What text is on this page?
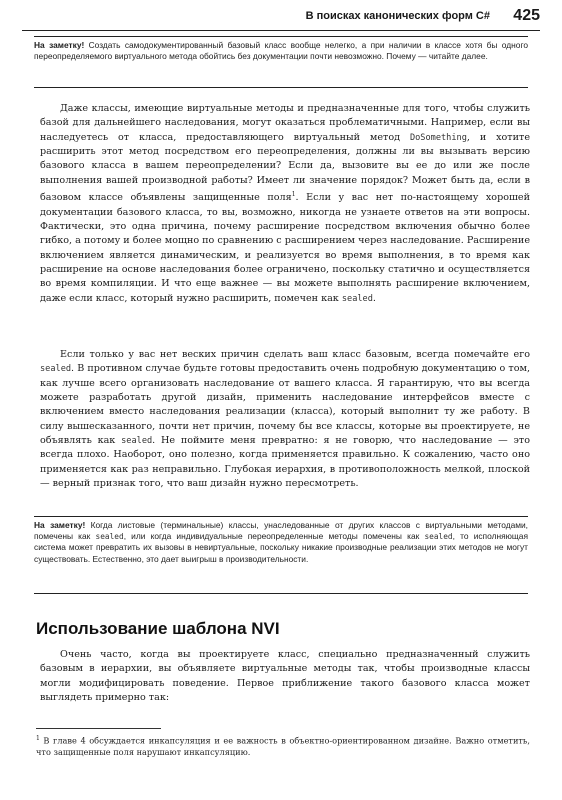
В поисках канонических форм C# 425
На заметку! Создать самодокументированный базовый класс вообще нелегко, а при наличии в классе хотя бы одного переопределяемого виртуального метода обойтись без документации почти невозможно. Почему — читайте далее.

Даже классы, имеющие виртуальные методы и предназначенные для того, чтобы служить базой для дальнейшего наследования, могут оказаться проблематичными. Например, если вы наследуетесь от класса, предоставляющего виртуальный метод DoSomething, и хотите расширить этот метод посредством его переопределения, должны ли вы вызывать версию базового класса в вашем переопределении? Если да, вызовите вы ее до или же после выполнения вашей производной работы? Имеет ли значение порядок? Может быть да, если в базовом классе объявлены защищенные поля$^1$. Если у вас нет по-настоящему хорошей документации базового класса, то вы, возможно, никогда не узнаете ответов на эти вопросы. Фактически, это одна причина, почему расширение посредством включения обычно более гибко, а потому и более мощно по сравнению с расширением через наследование. Расширение включением является динамическим, и реализуется во время выполнения, в то время как расширение на основе наследования более ограничено, поскольку статично и осуществляется во время компиляции. И что еще важнее — вы можете выполнять расширение включением, даже если класс, который нужно расширить, помечен как sealed.

Если только у вас нет веских причин сделать ваш класс базовым, всегда помечайте его sealed. В противном случае будьте готовы предоставить очень подробную документацию о том, как лучше всего организовать наследование от вашего класса. Я гарантирую, что вы всегда можете разработать другой дизайн, применить наследование интерфейсов вместе с включением вместо наследования реализации (класса), который выполнит ту же работу. В силу вышесказанного, почти нет причин, почему бы все классы, которые вы проектируете, не объявлять как sealed. Не поймите меня превратно: я не говорю, что наследование — это всегда плохо. Наоборот, оно полезно, когда применяется правильно. К сожалению, часто оно применяется как раз неправильно. Глубокая иерархия, в противоположность мелкой, плоской — верный признак того, что ваш дизайн нужно пересмотреть.

На заметку! Когда листовые (терминальные) классы, унаследованные от других классов с виртуальными методами, помечены как sealed, или когда индивидуальные переопределенные методы помечены как sealed, то исполняющая система может превратить их вызовы в невиртуальные, поскольку никакие производные реализации этих методов не могут существовать. Естественно, это дает выигрыш в производительности.
Использование шаблона NVI

Очень часто, когда вы проектируете класс, специально предназначенный служить базовым в иерархии, вы объявляете виртуальные методы так, чтобы производные классы могли модифицировать поведение. Первое приближение такого базового класса может выглядеть примерно так:

$^1$ В главе 4 обсуждается инкапсуляция и ее важность в объектно-ориентированном дизайне. Важно отметить, что защищенные поля нарушают инкапсуляцию.
